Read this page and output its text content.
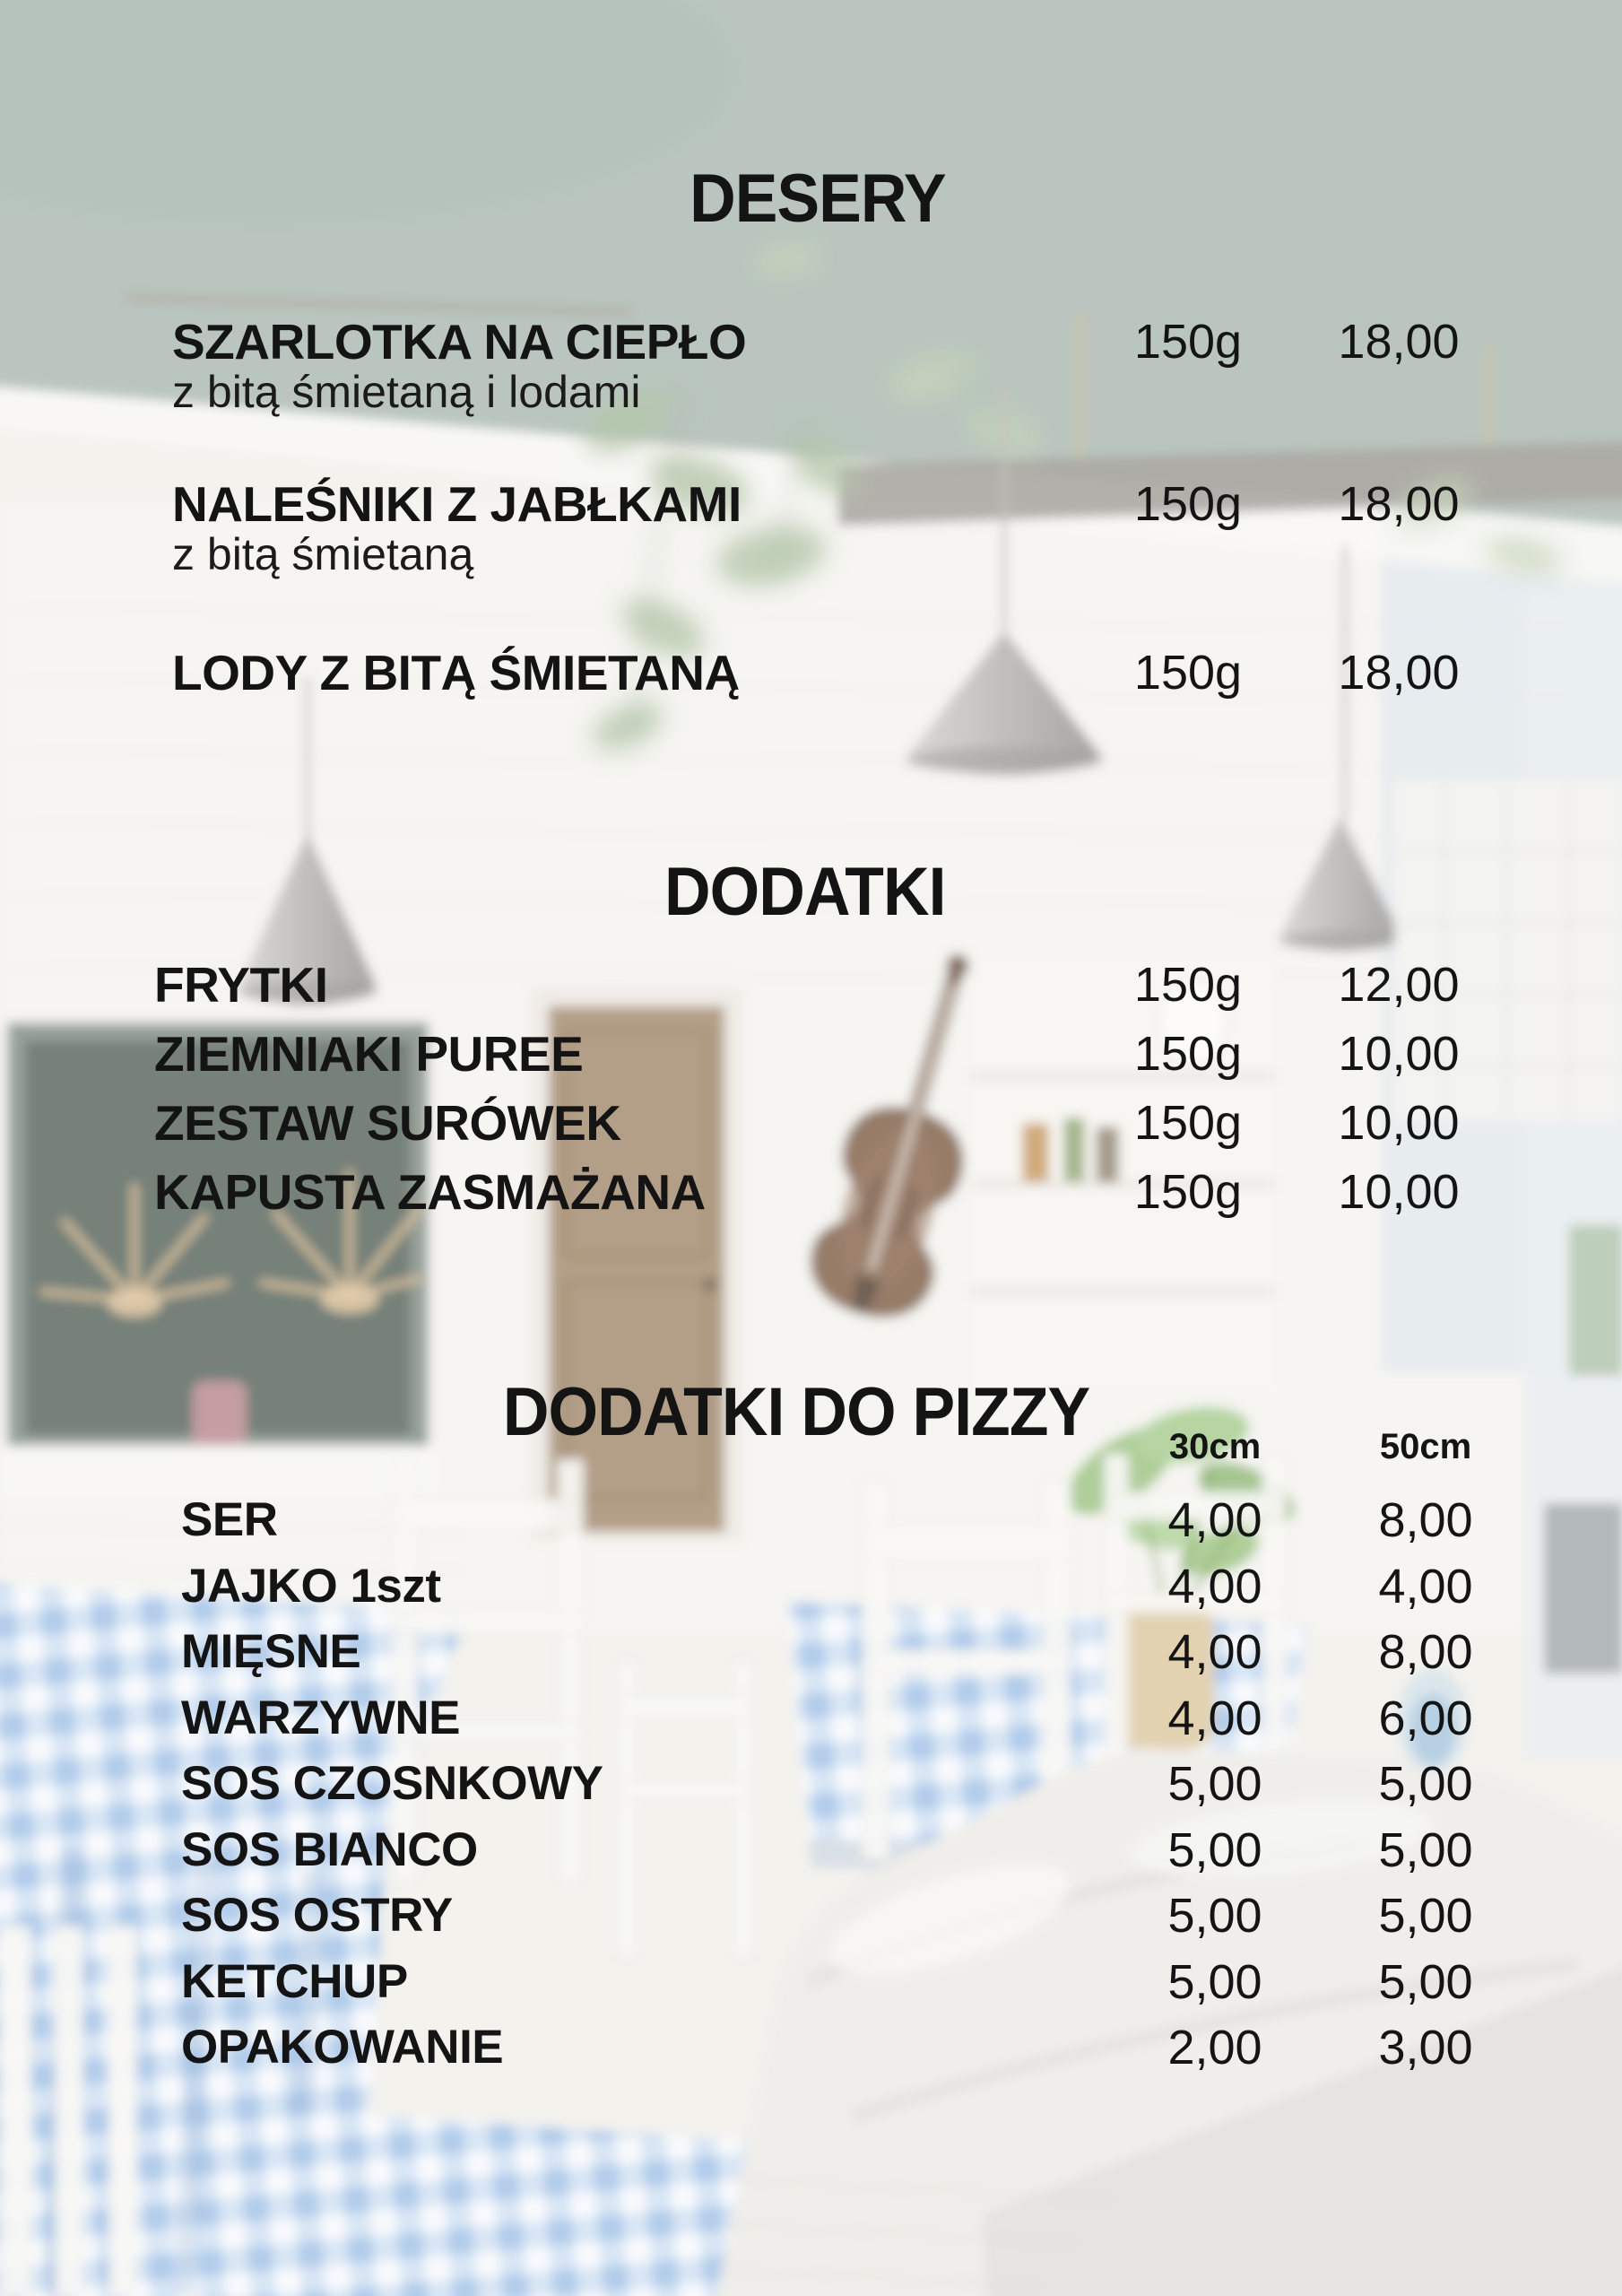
DESERY
SZARLOTKA NA CIEPŁO
z bitą śmietaną i lodami
150g	18,00
NALEŚNIKI Z JABŁKAMI
z bitą śmietaną
150g	18,00
LODY Z BITĄ ŚMIETANĄ	150g	18,00
DODATKI
FRYTKI	150g	12,00
ZIEMNIAKI PUREE	150g	10,00
ZESTAW SURÓWEK	150g	10,00
KAPUSTA ZASMAŻANA	150g	10,00
DODATKI DO PIZZY	30cm	50cm
SER	4,00	8,00
JAJKO 1szt	4,00	4,00
MIĘSNE	4,00	8,00
WARZYWNE	4,00	6,00
SOS CZOSNKOWY	5,00	5,00
SOS BIANCO	5,00	5,00
SOS OSTRY	5,00	5,00
KETCHUP	5,00	5,00
OPAKOWANIE	2,00	3,00
